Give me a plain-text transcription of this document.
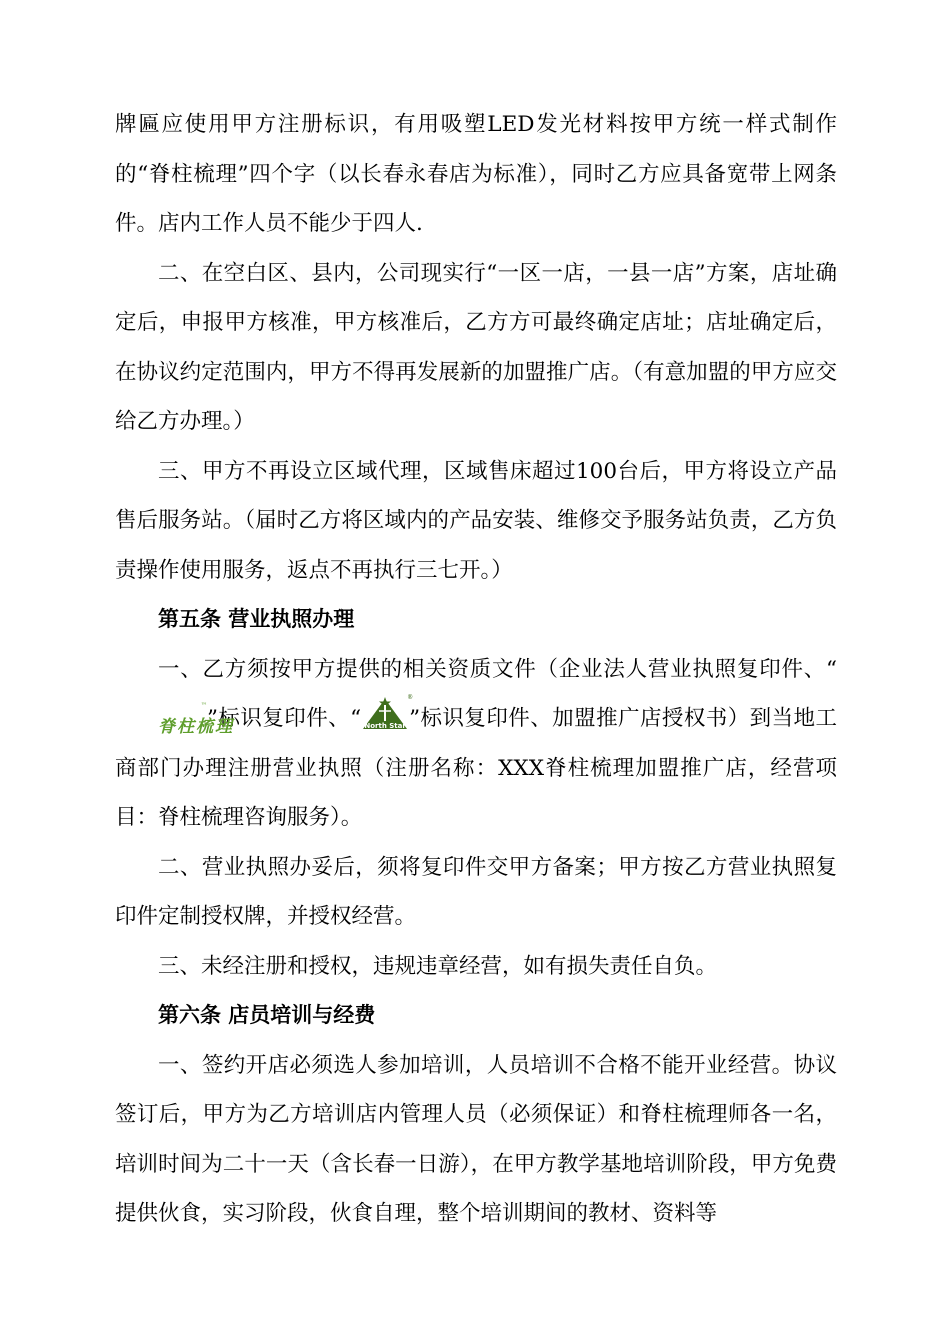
牌匾应使用甲方注册标识，有用吸塑LED发光材料按甲方统一样式制作的“脊柱梳理”四个字（以长春永春店为标准），同时乙方应具备宽带上网条件。店内工作人员不能少于四人.

二、在空白区、县内，公司现实行“一区一店，一县一店”方案，店址确定后，申报甲方核准，甲方核准后，乙方方可最终确定店址；店址确定后，在协议约定范围内，甲方不得再发展新的加盟推广店。（有意加盟的甲方应交给乙方办理。）

三、甲方不再设立区域代理，区域售床超过100台后，甲方将设立产品售后服务站。（届时乙方将区域内的产品安装、维修交予服务站负责，乙方负责操作使用服务，返点不再执行三七开。）

第五条 营业执照办理

一、乙方须按甲方提供的相关资质文件（企业法人营业执照复印件、“脊柱梳理
™
”标识复印件、“ North Star
®
”标识复印件、加盟推广店授权书）到当地工商部门办理注册营业执照（注册名称：XXX脊柱梳理加盟推广店，经营项目：脊柱梳理咨询服务）。

二、营业执照办妥后，须将复印件交甲方备案；甲方按乙方营业执照复印件定制授权牌，并授权经营。

三、未经注册和授权，违规违章经营，如有损失责任自负。

第六条 店员培训与经费

一、签约开店必须选人参加培训，人员培训不合格不能开业经营。协议签订后，甲方为乙方培训店内管理人员（必须保证）和脊柱梳理师各一名，培训时间为二十一天（含长春一日游），在甲方教学基地培训阶段，甲方免费提供伙食，实习阶段，伙食自理，整个培训期间的教材、资料等
